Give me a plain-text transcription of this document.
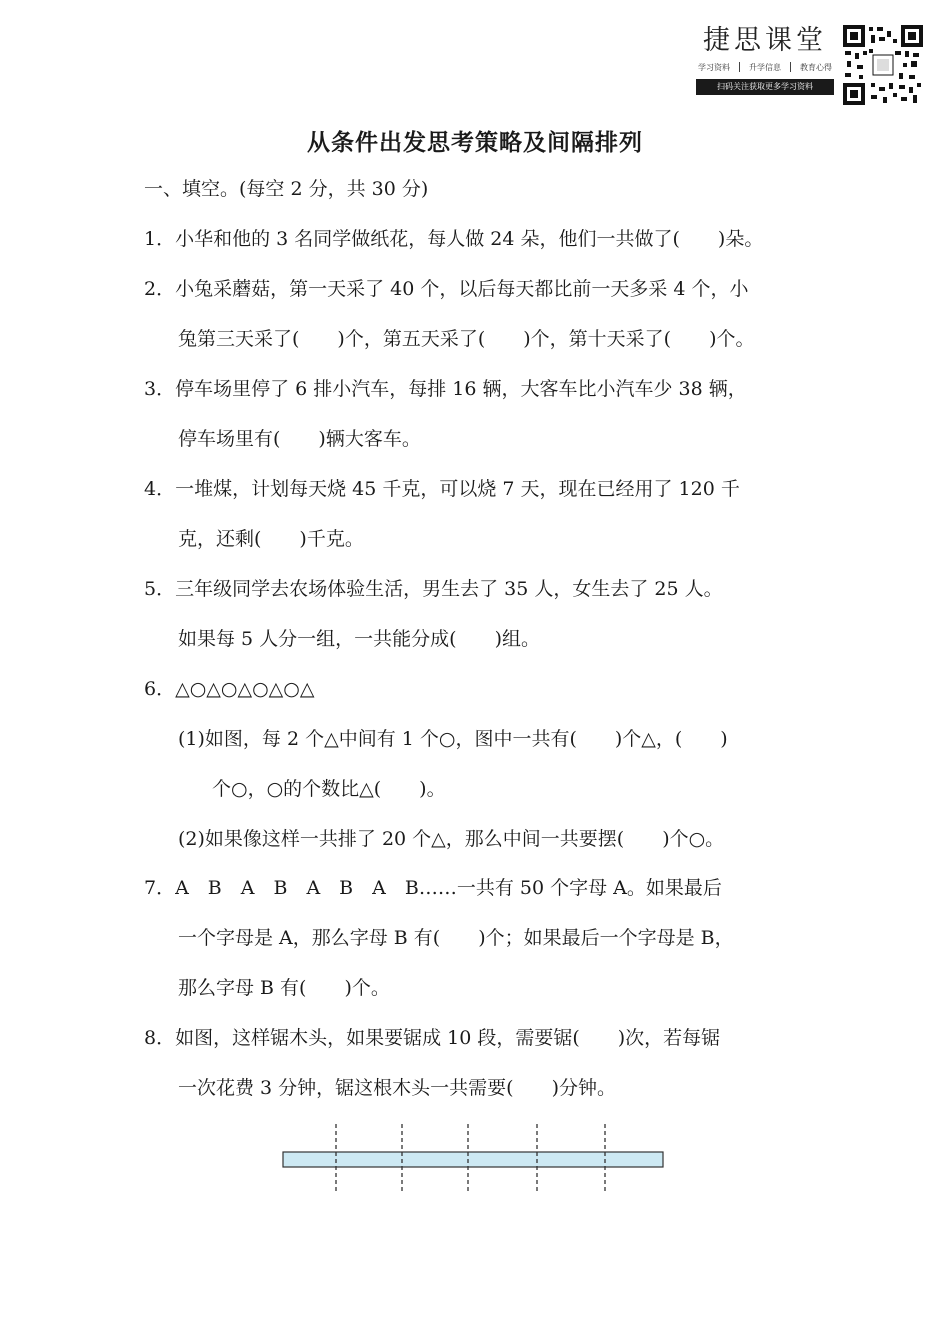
捷思课堂
学习资料 升学信息 教育心得
扫码关注获取更多学习资料
从条件出发思考策略及间隔排列
一、填空。(每空 2 分，共 30 分)
1．小华和他的 3 名同学做纸花，每人做 24 朵，他们一共做了(　　)朵。
2．小兔采蘑菇，第一天采了 40 个，以后每天都比前一天多采 4 个，小
兔第三天采了(　　)个，第五天采了(　　)个，第十天采了(　　)个。
3．停车场里停了 6 排小汽车，每排 16 辆，大客车比小汽车少 38 辆，
停车场里有(　　)辆大客车。
4．一堆煤，计划每天烧 45 千克，可以烧 7 天，现在已经用了 120 千
克，还剩(　　)千克。
5．三年级同学去农场体验生活，男生去了 35 人，女生去了 25 人。
如果每 5 人分一组，一共能分成(　　)组。
6．△○△○△○△○△
(1)如图，每 2 个△中间有 1 个○，图中一共有(　　)个△，(　　)
个○，○的个数比△(　　)。
(2)如果像这样一共排了 20 个△，那么中间一共要摆(　　)个○。
7．A　B　A　B　A　B　A　B……一共有 50 个字母 A。如果最后
一个字母是 A，那么字母 B 有(　　)个；如果最后一个字母是 B，
那么字母 B 有(　　)个。
8．如图，这样锯木头，如果要锯成 10 段，需要锯(　　)次，若每锯
一次花费 3 分钟，锯这根木头一共需要(　　)分钟。
